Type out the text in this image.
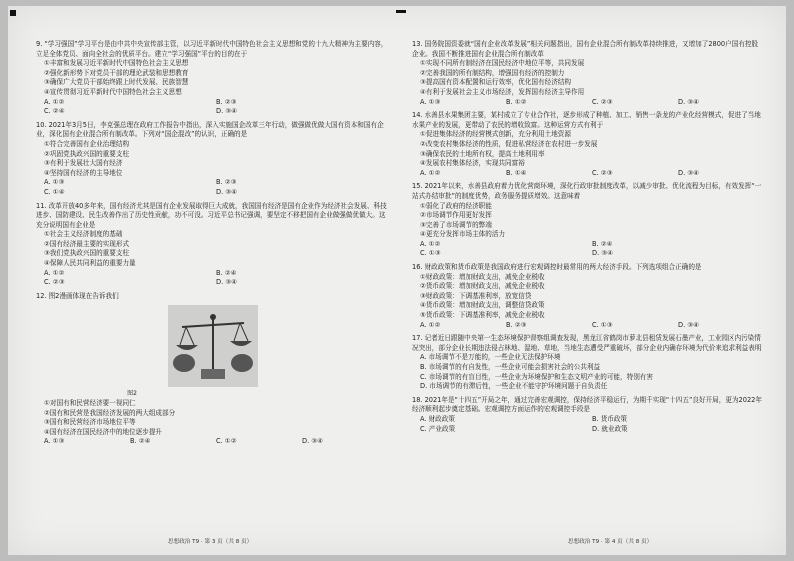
9. “学习强国”学习平台是由中共中央宣传部主管，以习近平新时代中国特色社会主义思想和党的十九大精神为主要内容，立足全体党员、面向全社会的优质平台。建立“学习强国”平台的目的在于

①丰富和发展习近平新时代中国特色社会主义思想

②强化新形势下对党员干部的理论武装和思想教育

③确保广大党员干部始终跟上时代发展、民族智慧

④宣传贯彻习近平新时代中国特色社会主义思想

A. ①②	B. ②③
C. ②④	D. ③④

10. 2021年3月5日，李克强总理在政府工作报告中指出，深入实施国企改革三年行动，做强做优做大国有资本和国有企业，深化国有企业混合所有制改革。下列对“国企混改”的认识，正确的是

①符合完善国有企业治理结构

②巩固党执政兴国的重要支柱

③有利于发展壮大国有经济

④坚持国有经济的主导地位

A. ①③	B. ②③
C. ①④	D. ③④

11. 改革开放40多年来，国有经济尤其是国有企业发展取得巨大成就，我国国有经济是国有企业作为经济社会发展、科技进步、国防建设、民生改善作出了历史性贡献，功不可没。习近平总书记强调，要坚定不移把国有企业做强做优做大。这充分说明国有企业是

①社会主义经济制度的基础

②国有经济最主要的实现形式

③我们党执政兴国的重要支柱

④保障人民共同利益的重要力量

A. ①②	B. ②④
C. ②③	D. ③④

12. 图2漫画体现在告诉我们

图2

①对国有和民营经济要一视同仁

②国有和民营是我国经济发展的两大组成部分

③国有和民营经济市场地位平等

④国有经济在国民经济中的地位逐步提升

A. ①③	B. ②④	C. ①②	D. ③④

13. 国务院国资委就“国有企业改革发展”相关问题指出，国有企业混合所有制改革持续推进，又增加了2800户国有控股企业。我国不断推进国有企业混合所有制改革

①实现不同所有制经济在国民经济中地位平等，共同发展

②完善我国的所有制结构，增强国有经济的控制力

③提高国有资本配置和运行效率，优化国有经济结构

④有利于发展社会主义市场经济，发挥国有经济主导作用

A. ①③	B. ①②	C. ②③	D. ③④

14. 水善县水果集团主要，某村成立了专业合作社，逐步形成了种植、加工、销售一条龙的产业化经营模式，促进了当地水果产业的发展，更带动了农民的增收致富。这种运营方式有利于

①促进集体经济的经营模式创新，充分利用土地资源

②改变农村集体经济的性质，促进私营经济在农村进一步发展

③确保农民的土地所有权，提高土地利用率

④发展农村集体经济，实现共同富裕

A. ①②	B. ①④	C. ②③	D. ③④

15. 2021年以来，水善县政府着力优化营商环境，深化行政审批制度改革，以减少审批、优化流程为目标，有效发挥“一站式办结审批”的制度优势，政务服务提质增效。这意味着

①弱化了政府的经济职能

②市场调节作用更好发挥

③完善了市场调节的弊端

④更充分发挥市场主体的活力

A. ①②	B. ②④
C. ①③	D. ③④

16. 财政政策和货币政策是我国政府进行宏观调控时最常用的两大经济手段。下列选项组合正确的是

①财政政策：增加财政支出，减免企业税收

②货币政策：增加财政支出，减免企业税收

③财政政策：下调基准利率，放宽信贷

④货币政策：增加财政支出，调整信贷政策

⑤货币政策：下调基准利率，减免企业税收

A. ①②	B. ②③	C. ①③	D. ③④

17. 记者近日跟随中央第一生态环境保护督察组调查发现，黑龙江省鹤岗市萝北县租赁发展石墨产业，工业园区内污染情况突出，部分企业长期违法侵占林地、湿地、草地，当地生态遭受严重破坏，部分企业内确存环境为代价来追求利益表明

A. 市场调节不是万能的，一些企业无法保护环境

B. 市场调节的有自发性，一些企业可能会损害社会的公共利益

C. 市场调节的有盲目性，一些企业为环境保护和生态文明产业的可能，特别有害

D. 市场调节的有滞后性，一些企业不能守护环境问题于自负责任

18. 2021年是“十四五”开局之年，通过完善宏观调控，保持经济平稳运行，为期千实现“十四五”良好开局，更为2022年经济顺利起步奠定基础。宏观调控方面运作的宏观调控手段是

A. 财政政策	B. 货币政策
C. 产业政策	D. 就业政策
思想政治 T9 · 第 3 页（共 8 页）	思想政治 T9 · 第 4 页（共 8 页）
